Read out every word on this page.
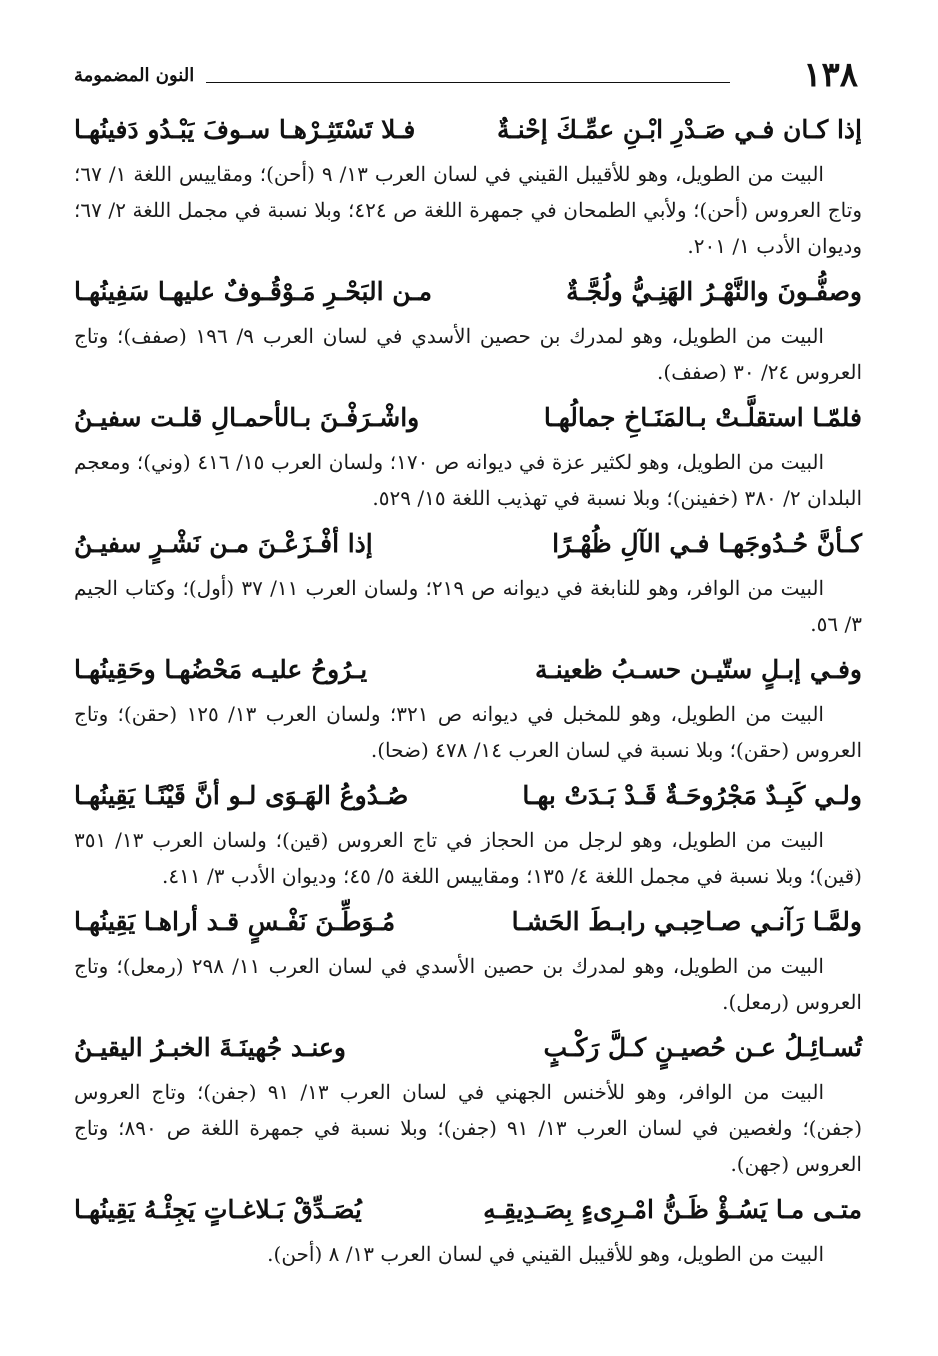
١٣٨
النون المضمومة
إذا كـان فـي صَـدْرِ ابْـنِ عمِّـكَ إحْنـةٌ
فـلا تَسْتَثِـرْهـا سـوفَ يَبْـدُو دَفينُهـا

البيت من الطويل، وهو للأقيبل القيني في لسان العرب ١٣/ ٩ (أحن)؛ ومقاييس اللغة ١/ ٦٧؛ وتاج العروس (أحن)؛ ولأبي الطمحان في جمهرة اللغة ص ٤٢٤؛ وبلا نسبة في مجمل اللغة ٢/ ٦٧؛ وديوان الأدب ١/ ٢٠١.

وصفُّـونَ والنَّهْـرُ الهَنِـيُّ ولُجَّـةٌ
مـن البَحْـرِ مَـوْقُـوفٌ عليهـا سَفِينُهـا

البيت من الطويل، وهو لمدرك بن حصين الأسدي في لسان العرب ٩/ ١٩٦ (صفف)؛ وتاج العروس ٢٤/ ٣٠ (صفف).

فلمّـا استقلَّـتْ بـالمَنَـاخِ جمالُهـا
واشْـرَفْـنَ بـالأحمـالِ قلـت سفيـنُ

البيت من الطويل، وهو لكثير عزة في ديوانه ص ١٧٠؛ ولسان العرب ١٥/ ٤١٦ (وني)؛ ومعجم البلدان ٢/ ٣٨٠ (خفينن)؛ وبلا نسبة في تهذيب اللغة ١٥/ ٥٢٩.

كـأنَّ حُـدُوجَهـا فـي الآلِ ظُهْـرًا
إذا أفْـزَعْـنَ مـن نَشْـرٍ سفيـنُ

البيت من الوافر، وهو للنابغة في ديوانه ص ٢١٩؛ ولسان العرب ١١/ ٣٧ (أول)؛ وكتاب الجيم ٣/ ٥٦.

وفـي إبـلٍ ستّيـن حسـبُ ظعينـة
يـرُوحُ عليـه مَحْضُهـا وحَقِينُهـا

البيت من الطويل، وهو للمخبل في ديوانه ص ٣٢١؛ ولسان العرب ١٣/ ١٢٥ (حقن)؛ وتاج العروس (حقن)؛ وبلا نسبة في لسان العرب ١٤/ ٤٧٨ (ضحا).

ولـي كَبِـدٌ مَجْرُوحَـةٌ قَـدْ بَـدَتْ بهـا
صُـدُوعُ الهَـوَى لـو أنَّ قَيْنًـا يَقِينُهـا

البيت من الطويل، وهو لرجل من الحجاز في تاج العروس (قين)؛ ولسان العرب ١٣/ ٣٥١ (قين)؛ وبلا نسبة في مجمل اللغة ٤/ ١٣٥؛ ومقاييس اللغة ٥/ ٤٥؛ وديوان الأدب ٣/ ٤١١.

ولمَّـا رَآنـي صـاحِبـي رابـطَ الحَشـا
مُـوَطِّـنَ نَفْـسٍ قـد أراهـا يَقِينُهـا

البيت من الطويل، وهو لمدرك بن حصين الأسدي في لسان العرب ١١/ ٢٩٨ (رمعل)؛ وتاج العروس (رمعل).

تُسـائِـلُ عـن حُصيـنٍ كـلَّ رَكْـبٍ
وعنـد جُهينَـةَ الخبـرُ اليقيـنُ

البيت من الوافر، وهو للأخنس الجهني في لسان العرب ١٣/ ٩١ (جفن)؛ وتاج العروس (جفن)؛ ولغصين في لسان العرب ١٣/ ٩١ (جفن)؛ وبلا نسبة في جمهرة اللغة ص ٨٩٠؛ وتاج العروس (جهن).

متـى مـا يَسُـؤْ ظَـنُّ امْـرِىءٍ بِصَـدِيقِـهِ
يُصَـدِّقْ بَـلاغـاتٍ يَجِئْـهُ يَقِينُهـا

البيت من الطويل، وهو للأقيبل القيني في لسان العرب ١٣/ ٨ (أحن).
